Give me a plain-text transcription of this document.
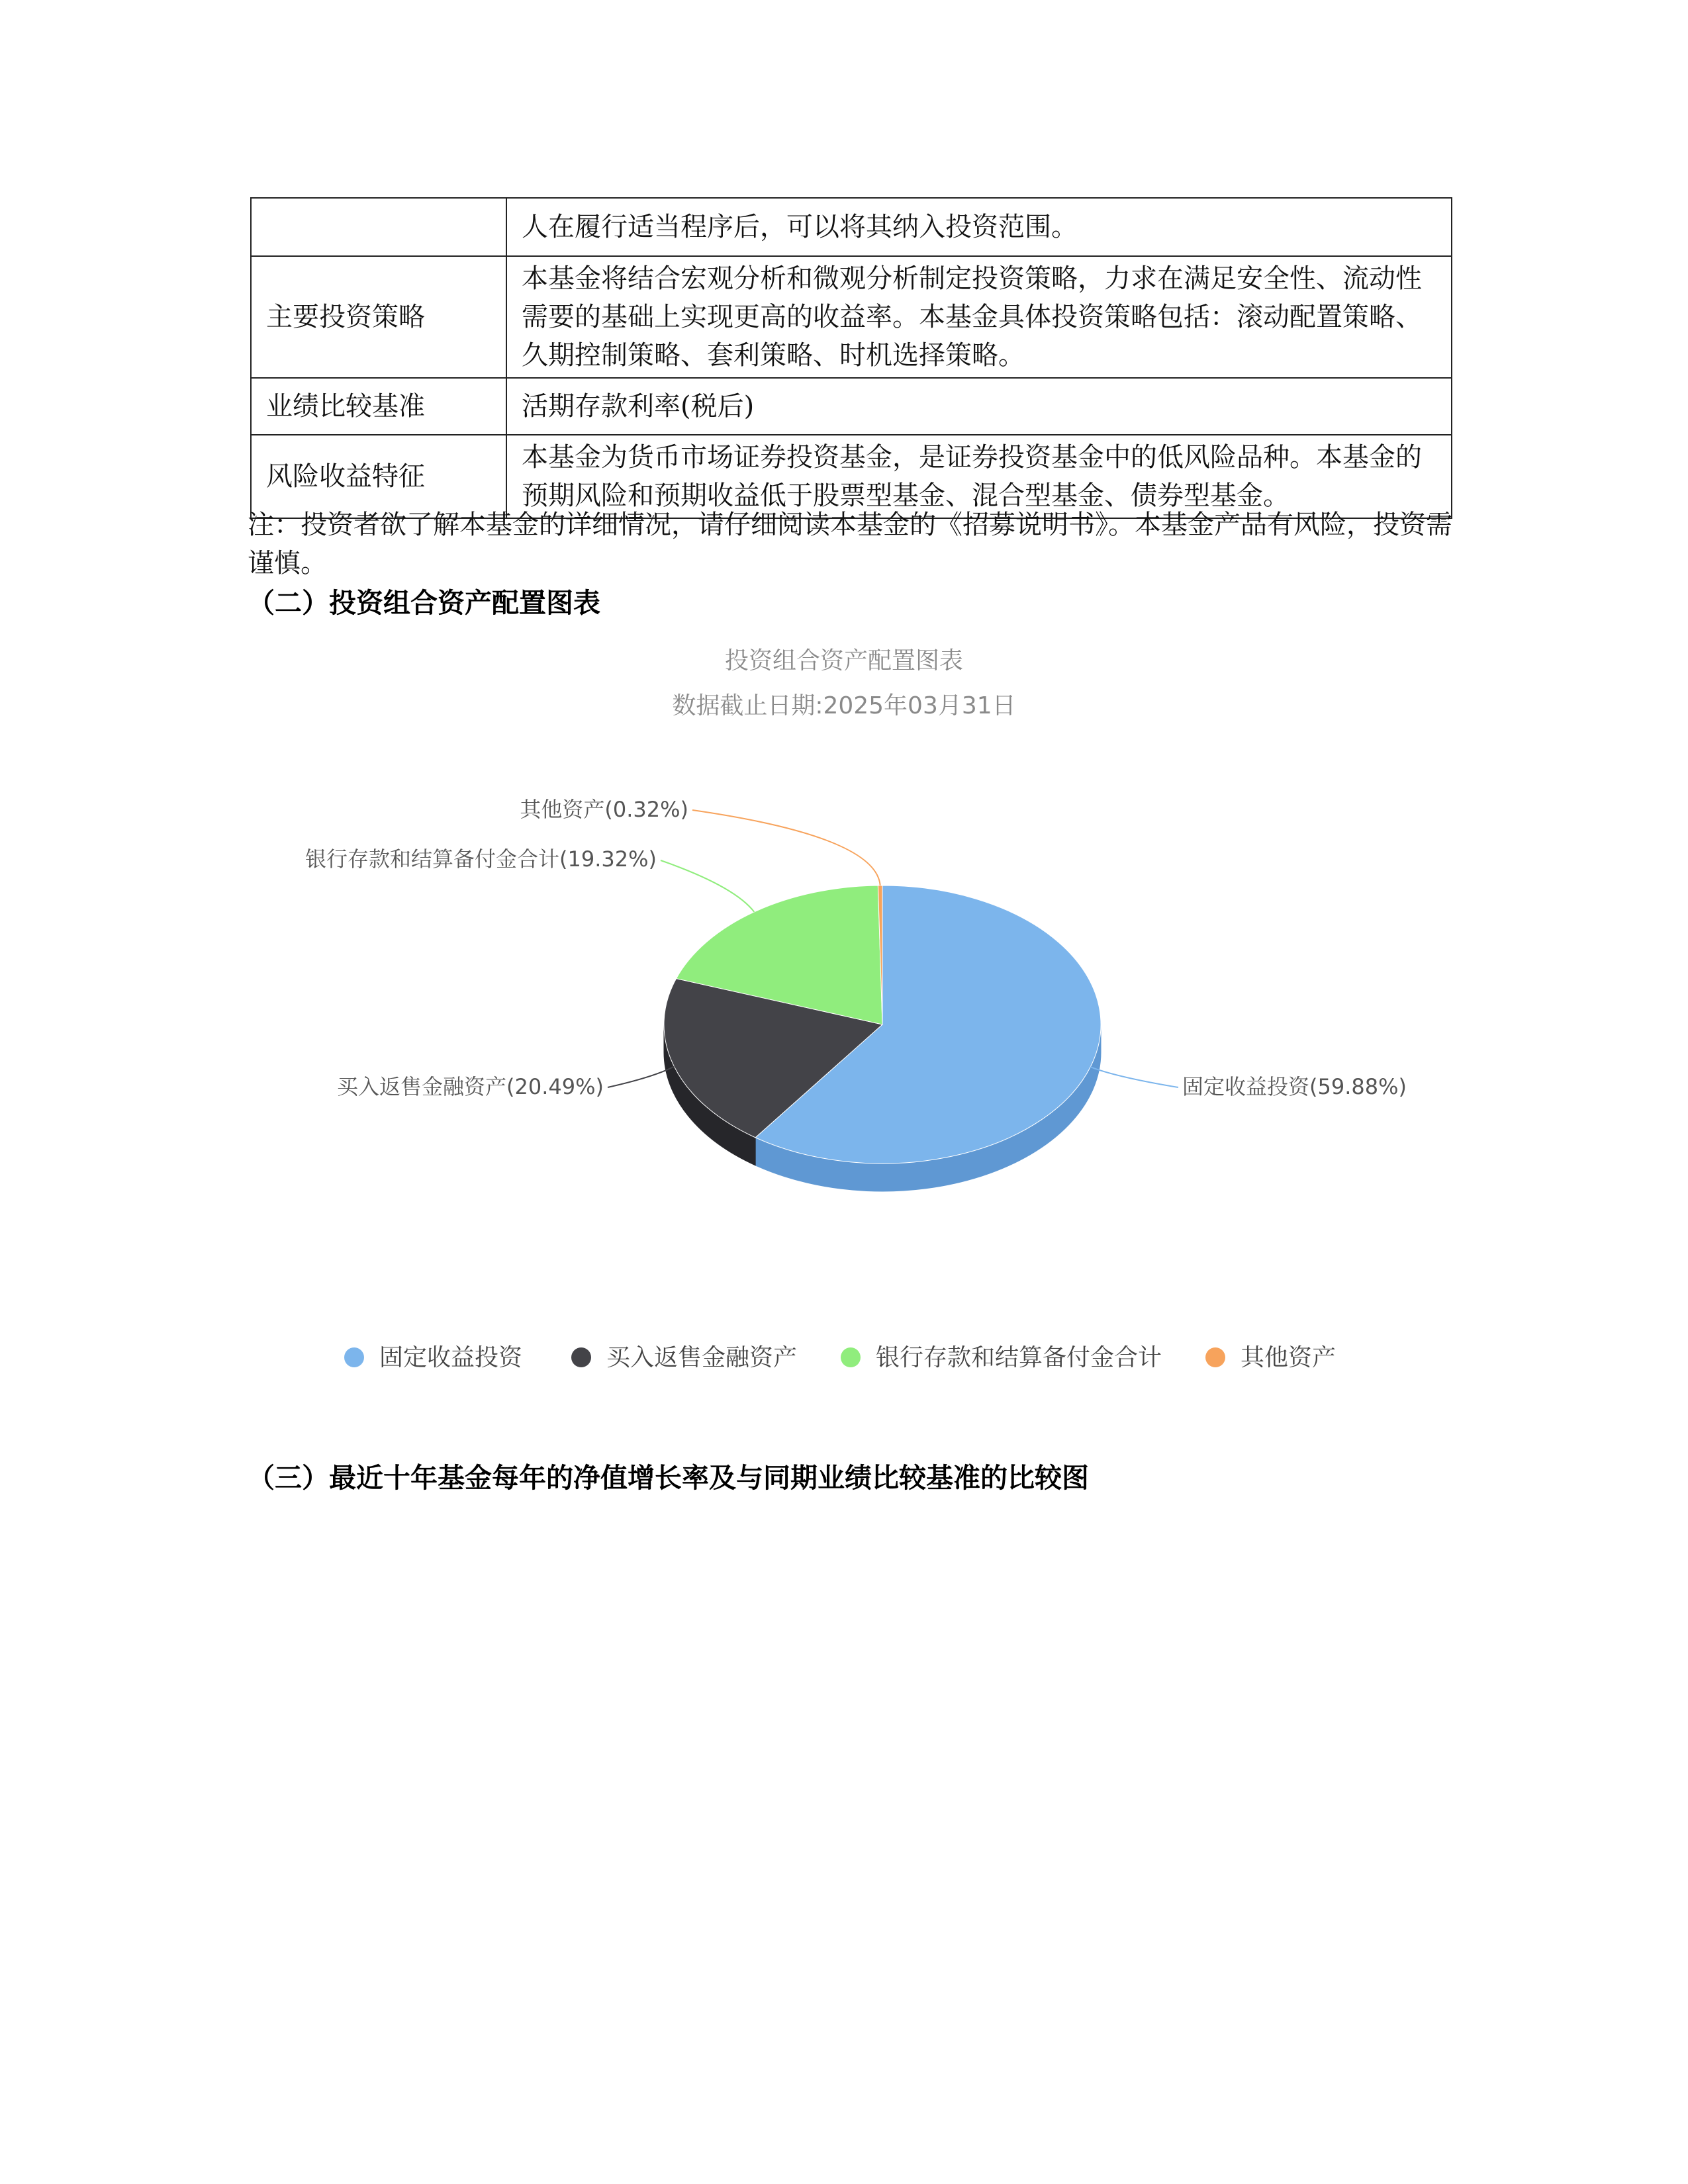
	人在履行适当程序后，可以将其纳入投资范围。
主要投资策略	本基金将结合宏观分析和微观分析制定投资策略，力求在满足安全性、流动性需要的基础上实现更高的收益率。本基金具体投资策略包括：滚动配置策略、久期控制策略、套利策略、时机选择策略。
业绩比较基准	活期存款利率(税后)
风险收益特征	本基金为货币市场证券投资基金，是证券投资基金中的低风险品种。本基金的预期风险和预期收益低于股票型基金、混合型基金、债券型基金。
注：投资者欲了解本基金的详细情况，请仔细阅读本基金的《招募说明书》。本基金产品有风险，投资需谨慎。
（二）投资组合资产配置图表
投资组合资产配置图表
数据截止日期:2025年03月31日
固定收益投资(59.88%)
买入返售金融资产(20.49%)
银行存款和结算备付金合计(19.32%)
其他资产(0.32%)
固定收益投资	买入返售金融资产	银行存款和结算备付金合计	其他资产
（三）最近十年基金每年的净值增长率及与同期业绩比较基准的比较图
